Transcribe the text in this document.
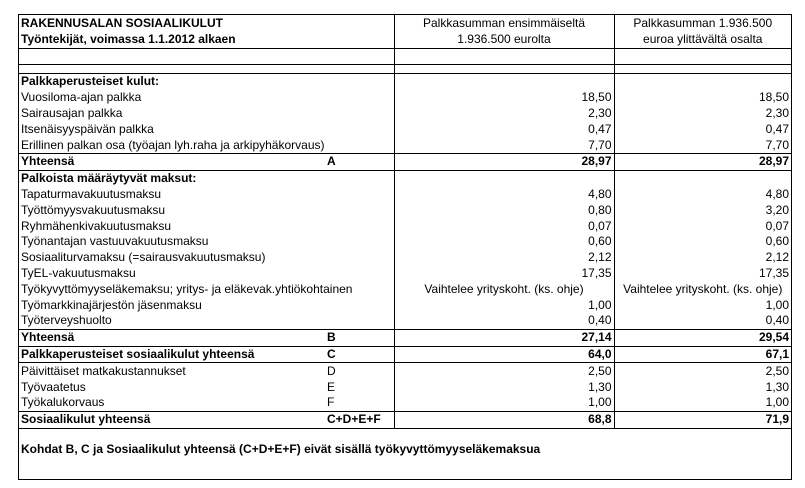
RAKENNUSALAN SOSIAALIKULUT	Palkkasumman ensimmäiseltä	Palkkasumman 1.936.500
Työntekijät, voimassa 1.1.2012 alkaen	1.936.500 eurolta	euroa ylittävältä osalta

Palkkaperusteiset kulut:		
Vuosiloma-ajan palkka	18,50	18,50
Sairausajan palkka	2,30	2,30
Itsenäisyyspäivän palkka	0,47	0,47
Erillinen palkan osa (työajan lyh.raha ja arkipyhäkorvaus)	7,70	7,70

Yhteensä A	28,97	28,97
Palkoista määräytyvät maksut:		
Tapaturmavakuutusmaksu	4,80	4,80
Työttömyysvakuutusmaksu	0,80	3,20
Ryhmähenkivakuutusmaksu	0,07	0,07
Työnantajan vastuuvakuutusmaksu	0,60	0,60
Sosiaaliturvamaksu (=sairausvakuutusmaksu)	2,12	2,12
TyEL-vakuutusmaksu	17,35	17,35
Työkyvyttömyyseläkemaksu; yritys- ja eläkevak.yhtiökohtainen	Vaihtelee yrityskoht. (ks. ohje)	Vaihtelee yrityskoht. (ks. ohje)
Työmarkkinajärjestön jäsenmaksu	1,00	1,00
Työterveyshuolto	0,40	0,40

Yhteensä B	27,14	29,54

Palkkaperusteiset sosiaalikulut yhteensä C	64,0	67,1

Päivittäiset matkakustannukset D	2,50	2,50

Työvaatetus E	1,30	1,30

Työkalukorvaus F	1,00	1,00

Sosiaalikulut yhteensä C+D+E+F	68,8	71,9
Kohdat B, C ja Sosiaalikulut yhteensä (C+D+E+F) eivät sisällä työkyvyttömyyseläkemaksua
